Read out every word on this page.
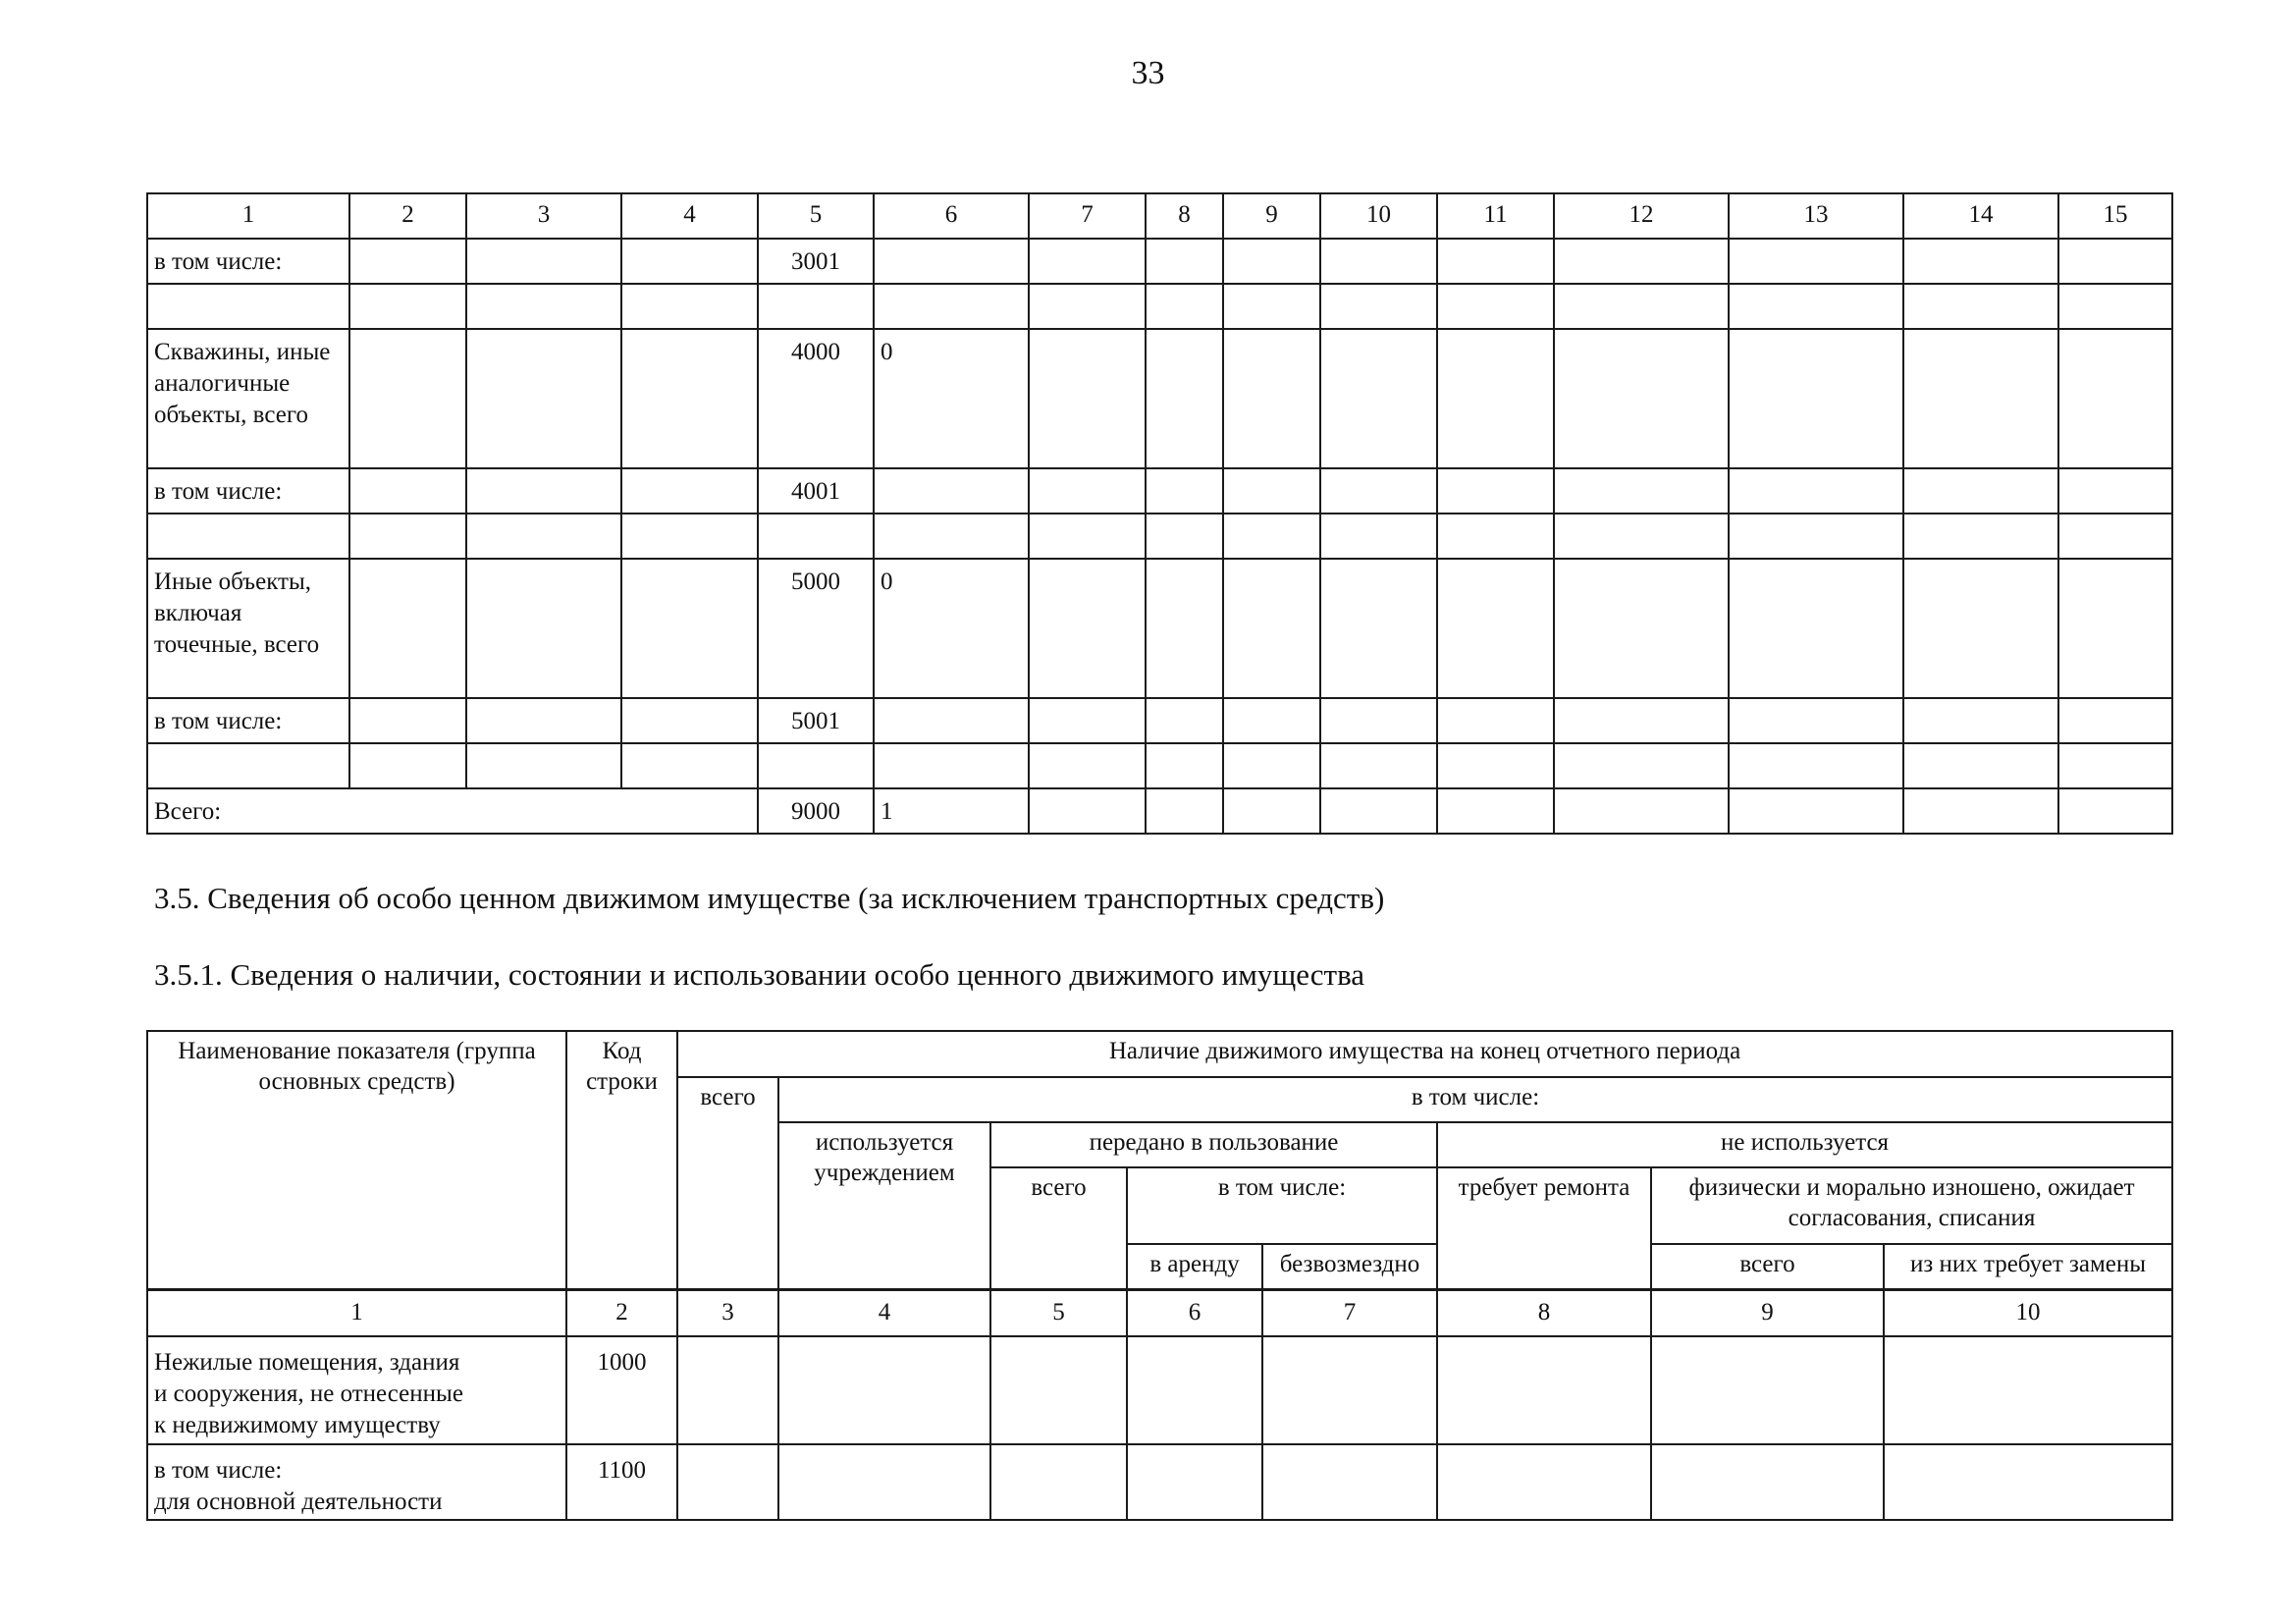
33
1	2	3	4	5	6	7	8	9	10	11	12	13	14	15
в том числе:				3001										

Скважины, иные аналогичные объекты, всего				4000	0									
в том числе:				4001										

Иные объекты, включая точечные, всего				5000	0									
в том числе:				5001										

Всего:				9000	1									
3.5. Сведения об особо ценном движимом имуществе (за исключением транспортных средств)
3.5.1. Сведения о наличии, состоянии и использовании особо ценного движимого имущества
Наименование показателя (группа основных средств)	Код строки	Наличие движимого имущества на конец отчетного периода							
		всего	в том числе:						
			используется учреждением	передано в пользование			не используется		
				всего	в том числе:		требует ремонта	физически и морально изношено, ожидает согласования, списания	
					в аренду	безвозмездно		всего	из них требует замены
1	2	3	4	5	6	7	8	9	10

Нежилые помещения, здания
и сооружения, не отнесенные
к недвижимому имуществу	1000								

в том числе:
для основной деятельности	1100								
